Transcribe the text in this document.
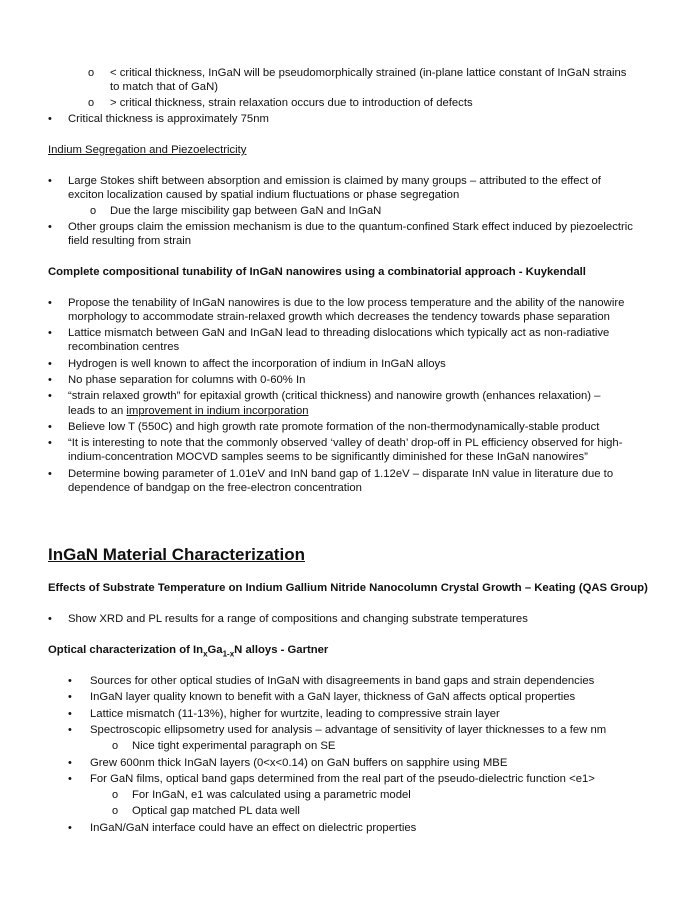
o < critical thickness, InGaN will be pseudomorphically strained (in-plane lattice constant of InGaN strains
to match that of GaN)
o > critical thickness, strain relaxation occurs due to introduction of defects
• Critical thickness is approximately 75nm
Indium Segregation and Piezoelectricity
• Large Stokes shift between absorption and emission is claimed by many groups – attributed to the effect of
exciton localization caused by spatial indium fluctuations or phase segregation
o Due the large miscibility gap between GaN and InGaN
• Other groups claim the emission mechanism is due to the quantum-confined Stark effect induced by piezoelectric
field resulting from strain
Complete compositional tunability of InGaN nanowires using a combinatorial approach - Kuykendall
• Propose the tenability of InGaN nanowires is due to the low process temperature and the ability of the nanowire
morphology to accommodate strain-relaxed growth which decreases the tendency towards phase separation
• Lattice mismatch between GaN and InGaN lead to threading dislocations which typically act as non-radiative
recombination centres
• Hydrogen is well known to affect the incorporation of indium in InGaN alloys
• No phase separation for columns with 0-60% In
• “strain relaxed growth” for epitaxial growth (critical thickness) and nanowire growth (enhances relaxation) –
leads to an improvement in indium incorporation
• Believe low T (550C) and high growth rate promote formation of the non-thermodynamically-stable product
• “It is interesting to note that the commonly observed ‘valley of death’ drop-off in PL efficiency observed for high-
indium-concentration MOCVD samples seems to be significantly diminished for these InGaN nanowires”
• Determine bowing parameter of 1.01eV and InN band gap of 1.12eV – disparate InN value in literature due to
dependence of bandgap on the free-electron concentration
InGaN Material Characterization
Effects of Substrate Temperature on Indium Gallium Nitride Nanocolumn Crystal Growth – Keating (QAS Group)
• Show XRD and PL results for a range of compositions and changing substrate temperatures
Optical characterization of $In_xGa_{1-x}N$ alloys - Gartner
• Sources for other optical studies of InGaN with disagreements in band gaps and strain dependencies
• InGaN layer quality known to benefit with a GaN layer, thickness of GaN affects optical properties
• Lattice mismatch (11-13%), higher for wurtzite, leading to compressive strain layer
• Spectroscopic ellipsometry used for analysis – advantage of sensitivity of layer thicknesses to a few nm
o Nice tight experimental paragraph on SE
• Grew 600nm thick InGaN layers (0<x<0.14) on GaN buffers on sapphire using MBE
• For GaN films, optical band gaps determined from the real part of the pseudo-dielectric function <e1>
o For InGaN, e1 was calculated using a parametric model
o Optical gap matched PL data well
• InGaN/GaN interface could have an effect on dielectric properties
